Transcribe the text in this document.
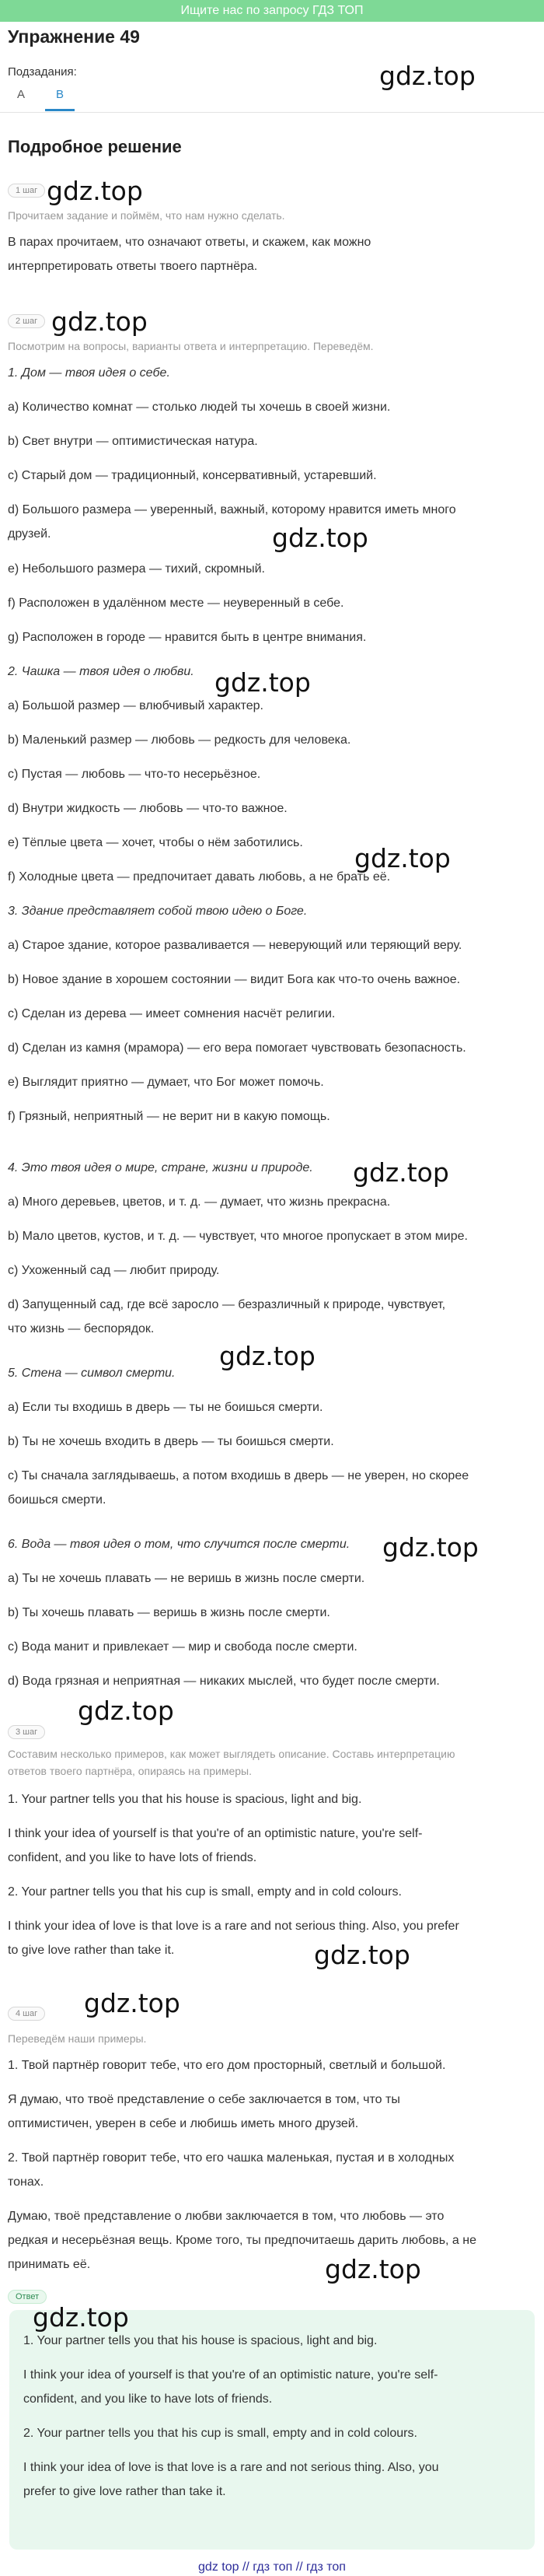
Ищите нас по запросу ГДЗ ТОП
Упражнение 49
gdz.top
Подзадания:
A	B
Подробное решение
1 шаг gdz.top
Прочитаем задание и поймём, что нам нужно сделать.
В парах прочитаем, что означают ответы, и скажем, как можно
интерпретировать ответы твоего партнёра.
2 шаг gdz.top
Посмотрим на вопросы, варианты ответа и интерпретацию. Переведём.
1. Дом — твоя идея о себе.
a) Количество комнат — столько людей ты хочешь в своей жизни.
b) Свет внутри — оптимистическая натура.
c) Старый дом — традиционный, консервативный, устаревший.
d) Большого размера — уверенный, важный, которому нравится иметь много
друзей.	gdz.top
e) Небольшого размера — тихий, скромный.
f) Расположен в удалённом месте — неуверенный в себе.
g) Расположен в городе — нравится быть в центре внимания.
2. Чашка — твоя идея о любви. gdz.top
a) Большой размер — влюбчивый характер.
b) Маленький размер — любовь — редкость для человека.
c) Пустая — любовь — что-то несерьёзное.
d) Внутри жидкость — любовь — что-то важное.
e) Тёплые цвета — хочет, чтобы о нём заботились.
gdz.top
f) Холодные цвета — предпочитает давать любовь, а не брать её.
3. Здание представляет собой твою идею о Боге.
a) Старое здание, которое разваливается — неверующий или теряющий веру.
b) Новое здание в хорошем состоянии — видит Бога как что-то очень важное.
c) Сделан из дерева — имеет сомнения насчёт религии.
d) Сделан из камня (мрамора) — его вера помогает чувствовать безопасность.
e) Выглядит приятно — думает, что Бог может помочь.
f) Грязный, неприятный — не верит ни в какую помощь.
4. Это твоя идея о мире, стране, жизни и природе.	gdz.top
a) Много деревьев, цветов, и т. д. — думает, что жизнь прекрасна.
b) Мало цветов, кустов, и т. д. — чувствует, что многое пропускает в этом мире.
c) Ухоженный сад — любит природу.
d) Запущенный сад, где всё заросло — безразличный к природе, чувствует,
что жизнь — беспорядок.
5. Стена — символ смерти.
gdz.top
a) Если ты входишь в дверь — ты не боишься смерти.
b) Ты не хочешь входить в дверь — ты боишься смерти.
c) Ты сначала заглядываешь, а потом входишь в дверь — не уверен, но скорее
боишься смерти.
6. Вода — твоя идея о том, что случится после смерти.	gdz.top
a) Ты не хочешь плавать — не веришь в жизнь после смерти.
b) Ты хочешь плавать — веришь в жизнь после смерти.
c) Вода манит и привлекает — мир и свобода после смерти.
d) Вода грязная и неприятная — никаких мыслей, что будет после смерти.
gdz.top
3 шаг
Составим несколько примеров, как может выглядеть описание. Составь интерпретацию
ответов твоего партнёра, опираясь на примеры.
1. Your partner tells you that his house is spacious, light and big.
I think your idea of yourself is that you're of an optimistic nature, you're self-
confident, and you like to have lots of friends.
2. Your partner tells you that his cup is small, empty and in cold colours.
I think your idea of love is that love is a rare and not serious thing. Also, you prefer
to give love rather than take it.	gdz.top
gdz.top
4 шаг
Переведём наши примеры.
1. Твой партнёр говорит тебе, что его дом просторный, светлый и большой.
Я думаю, что твоё представление о себе заключается в том, что ты
оптимистичен, уверен в себе и любишь иметь много друзей.
2. Твой партнёр говорит тебе, что его чашка маленькая, пустая и в холодных
тонах.
Думаю, твоё представление о любви заключается в том, что любовь — это
редкая и несерьёзная вещь. Кроме того, ты предпочитаешь дарить любовь, а не
принимать её.	gdz.top
Ответ
gdz.top
1. Your partner tells you that his house is spacious, light and big.
I think your idea of yourself is that you're of an optimistic nature, you're self-
confident, and you like to have lots of friends.
2. Your partner tells you that his cup is small, empty and in cold colours.
I think your idea of love is that love is a rare and not serious thing. Also, you
prefer to give love rather than take it.
gdz top // гдз топ // гдз топ
